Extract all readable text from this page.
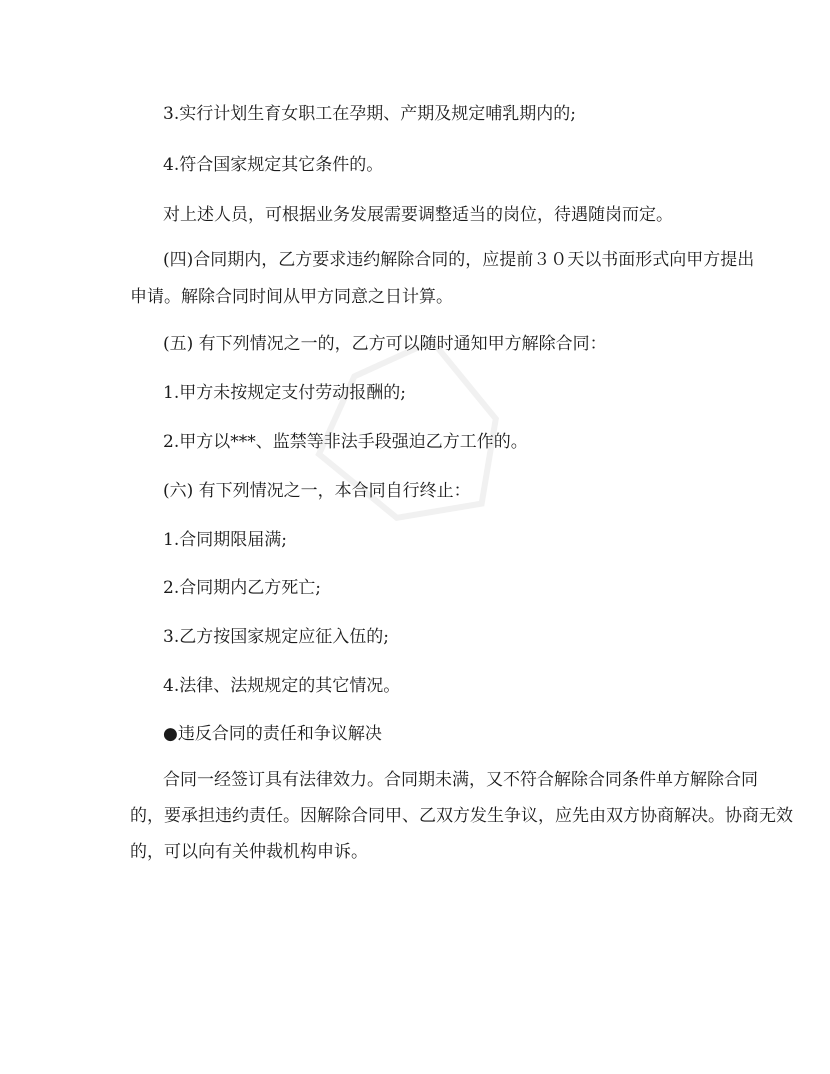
3.实行计划生育女职工在孕期、产期及规定哺乳期内的;

4.符合国家规定其它条件的。

对上述人员，可根据业务发展需要调整适当的岗位，待遇随岗而定。

(四)合同期内，乙方要求违约解除合同的，应提前３０天以书面形式向甲方提出

申请。解除合同时间从甲方同意之日计算。

(五) 有下列情况之一的，乙方可以随时通知甲方解除合同：

1.甲方未按规定支付劳动报酬的;

2.甲方以***、监禁等非法手段强迫乙方工作的。

(六) 有下列情况之一，本合同自行终止：

1.合同期限届满;

2.合同期内乙方死亡;

3.乙方按国家规定应征入伍的;

4.法律、法规规定的其它情况。

●违反合同的责任和争议解决

合同一经签订具有法律效力。合同期未满，又不符合解除合同条件单方解除合同

的，要承担违约责任。因解除合同甲、乙双方发生争议，应先由双方协商解决。协商无效

的，可以向有关仲裁机构申诉。
